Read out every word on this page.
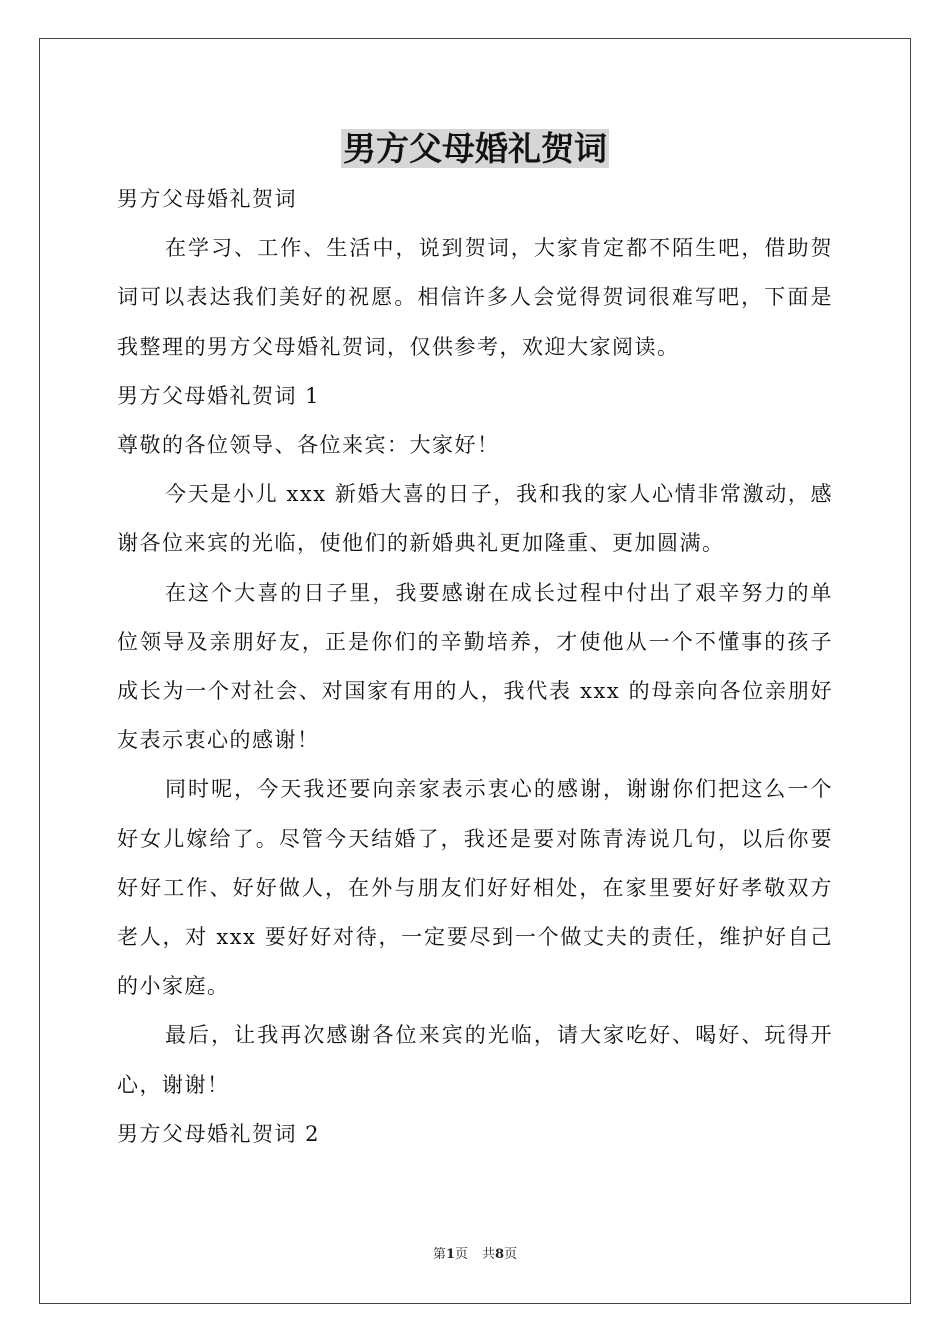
男方父母婚礼贺词

男方父母婚礼贺词

在学习、工作、生活中，说到贺词，大家肯定都不陌生吧，借助贺词可以表达我们美好的祝愿。相信许多人会觉得贺词很难写吧，下面是我整理的男方父母婚礼贺词，仅供参考，欢迎大家阅读。

男方父母婚礼贺词 1

尊敬的各位领导、各位来宾：大家好！

今天是小儿 xxx 新婚大喜的日子，我和我的家人心情非常激动，感谢各位来宾的光临，使他们的新婚典礼更加隆重、更加圆满。

在这个大喜的日子里，我要感谢在成长过程中付出了艰辛努力的单位领导及亲朋好友，正是你们的辛勤培养，才使他从一个不懂事的孩子成长为一个对社会、对国家有用的人，我代表 xxx 的母亲向各位亲朋好友表示衷心的感谢！

同时呢，今天我还要向亲家表示衷心的感谢，谢谢你们把这么一个好女儿嫁给了。尽管今天结婚了，我还是要对陈青涛说几句，以后你要好好工作、好好做人，在外与朋友们好好相处，在家里要好好孝敬双方老人，对 xxx 要好好对待，一定要尽到一个做丈夫的责任，维护好自己的小家庭。

最后，让我再次感谢各位来宾的光临，请大家吃好、喝好、玩得开心，谢谢！

男方父母婚礼贺词 2

第1页 共8页
